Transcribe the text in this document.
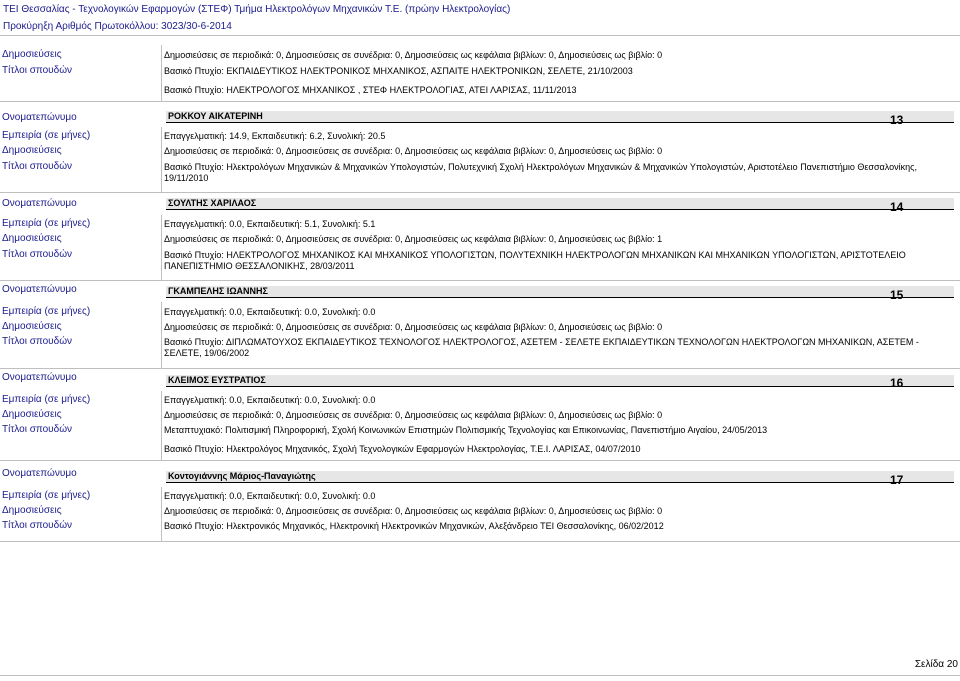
ΤΕΙ Θεσσαλίας - Τεχνολογικών Εφαρμογών (ΣΤΕΦ) Τμήμα Ηλεκτρολόγων Μηχανικών Τ.Ε. (πρώην Ηλεκτρολογίας)
Προκύρηξη Αριθμός Πρωτοκόλλου: 3023/30-6-2014
Δημοσιεύσεις	Δημοσιεύσεις σε περιοδικά: 0, Δημοσιεύσεις σε συνέδρια: 0, Δημοσιεύσεις ως κεφάλαια βιβλίων: 0, Δημοσιεύσεις ως βιβλίο: 0
Τίτλοι σπουδών	Βασικό Πτυχίο: ΕΚΠΑΙΔΕΥΤΙΚΟΣ ΗΛΕΚΤΡΟΝΙΚΟΣ ΜΗΧΑΝΙΚΟΣ, ΑΣΠΑΙΤΕ ΗΛΕΚΤΡΟΝΙΚΩΝ, ΣΕΛΕΤΕ, 21/10/2003
Βασικό Πτυχίο: ΗΛΕΚΤΡΟΛΟΓΟΣ ΜΗΧΑΝΙΚΟΣ , ΣΤΕΦ ΗΛΕΚΤΡΟΛΟΓΙΑΣ, ΑΤΕΙ ΛΑΡΙΣΑΣ, 11/11/2013
Ονοματεπώνυμο	ΡΟΚΚΟΥ ΑΙΚΑΤΕΡΙΝΗ	13
Εμπειρία (σε μήνες)	Επαγγελματική: 14.9, Εκπαιδευτική: 6.2, Συνολική: 20.5
Δημοσιεύσεις	Δημοσιεύσεις σε περιοδικά: 0, Δημοσιεύσεις σε συνέδρια: 0, Δημοσιεύσεις ως κεφάλαια βιβλίων: 0, Δημοσιεύσεις ως βιβλίο: 0
Τίτλοι σπουδών	Βασικό Πτυχίο: Ηλεκτρολόγων Μηχανικών & Μηχανικών Υπολογιστών, Πολυτεχνική Σχολή Ηλεκτρολόγων Μηχανικών & Μηχανικών Υπολογιστών, Αριστοτέλειο Πανεπιστήμιο Θεσσαλονίκης, 19/11/2010
Ονοματεπώνυμο	ΣΟΥΛΤΗΣ ΧΑΡΙΛΑΟΣ	14
Εμπειρία (σε μήνες)	Επαγγελματική: 0.0, Εκπαιδευτική: 5.1, Συνολική: 5.1
Δημοσιεύσεις	Δημοσιεύσεις σε περιοδικά: 0, Δημοσιεύσεις σε συνέδρια: 0, Δημοσιεύσεις ως κεφάλαια βιβλίων: 0, Δημοσιεύσεις ως βιβλίο: 1
Τίτλοι σπουδών	Βασικό Πτυχίο: ΗΛΕΚΤΡΟΛΟΓΟΣ ΜΗΧΑΝΙΚΟΣ ΚΑΙ ΜΗΧΑΝΙΚΟΣ ΥΠΟΛΟΓΙΣΤΩΝ, ΠΟΛΥΤΕΧΝΙΚΗ ΗΛΕΚΤΡΟΛΟΓΩΝ ΜΗΧΑΝΙΚΩΝ ΚΑΙ ΜΗΧΑΝΙΚΩΝ ΥΠΟΛΟΓΙΣΤΩΝ, ΑΡΙΣΤΟΤΕΛΕΙΟ ΠΑΝΕΠΙΣΤΗΜΙΟ ΘΕΣΣΑΛΟΝΙΚΗΣ, 28/03/2011
Ονοματεπώνυμο	ΓΚΑΜΠΕΛΗΣ ΙΩΑΝΝΗΣ	15
Εμπειρία (σε μήνες)	Επαγγελματική: 0.0, Εκπαιδευτική: 0.0, Συνολική: 0.0
Δημοσιεύσεις	Δημοσιεύσεις σε περιοδικά: 0, Δημοσιεύσεις σε συνέδρια: 0, Δημοσιεύσεις ως κεφάλαια βιβλίων: 0, Δημοσιεύσεις ως βιβλίο: 0
Τίτλοι σπουδών	Βασικό Πτυχίο: ΔΙΠΛΩΜΑΤΟΥΧΟΣ ΕΚΠΑΙΔΕΥΤΙΚΟΣ ΤΕΧΝΟΛΟΓΟΣ ΗΛΕΚΤΡΟΛΟΓΟΣ, ΑΣΕΤΕΜ - ΣΕΛΕΤΕ ΕΚΠΑΙΔΕΥΤΙΚΩΝ ΤΕΧΝΟΛΟΓΩΝ ΗΛΕΚΤΡΟΛΟΓΩΝ ΜΗΧΑΝΙΚΩΝ, ΑΣΕΤΕΜ - ΣΕΛΕΤΕ, 19/06/2002
Ονοματεπώνυμο	ΚΛΕΙΜΟΣ ΕΥΣΤΡΑΤΙΟΣ	16
Εμπειρία (σε μήνες)	Επαγγελματική: 0.0, Εκπαιδευτική: 0.0, Συνολική: 0.0
Δημοσιεύσεις	Δημοσιεύσεις σε περιοδικά: 0, Δημοσιεύσεις σε συνέδρια: 0, Δημοσιεύσεις ως κεφάλαια βιβλίων: 0, Δημοσιεύσεις ως βιβλίο: 0
Τίτλοι σπουδών	Μεταπτυχιακό: Πολιτισμική Πληροφορική, Σχολή Κοινωνικών Επιστημών Πολιτισμικής Τεχνολογίας και Επικοινωνίας, Πανεπιστήμιο Αιγαίου, 24/05/2013
Βασικό Πτυχίο: Ηλεκτρολόγος Μηχανικός, Σχολή Τεχνολογικών Εφαρμογών Ηλεκτρολογίας, Τ.Ε.Ι. ΛΑΡΙΣΑΣ, 04/07/2010
Ονοματεπώνυμο	Κοντογιάννης Μάριος-Παναγιώτης	17
Εμπειρία (σε μήνες)	Επαγγελματική: 0.0, Εκπαιδευτική: 0.0, Συνολική: 0.0
Δημοσιεύσεις	Δημοσιεύσεις σε περιοδικά: 0, Δημοσιεύσεις σε συνέδρια: 0, Δημοσιεύσεις ως κεφάλαια βιβλίων: 0, Δημοσιεύσεις ως βιβλίο: 0
Τίτλοι σπουδών	Βασικό Πτυχίο: Ηλεκτρονικός Μηχανικός, Ηλεκτρονική Ηλεκτρονικών Μηχανικών, Αλεξάνδρειο ΤΕΙ Θεσσαλονίκης, 06/02/2012
Σελίδα 20
